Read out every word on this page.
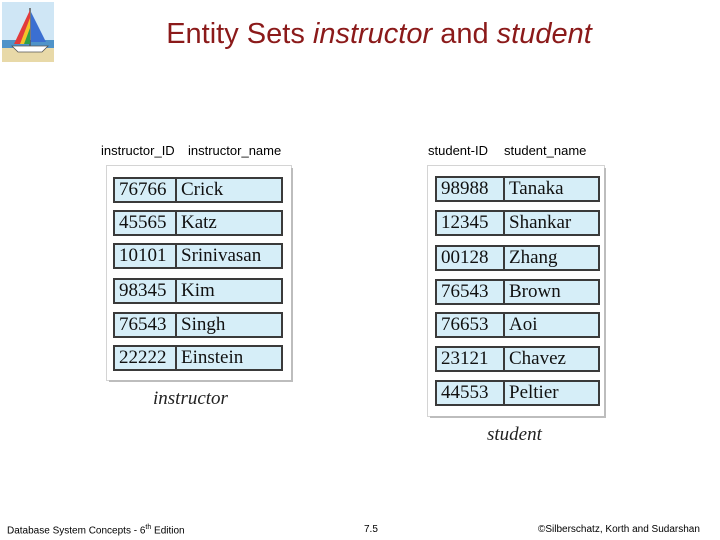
Entity Sets instructor and student
instructor_ID instructor_name
76766 Crick
45565 Katz
10101 Srinivasan
98345 Kim
76543 Singh
22222 Einstein
instructor
student-ID student_name
98988	Tanaka
12345	Shankar
00128	Zhang
76543	Brown
76653	Aoi
23121	Chavez
44553	Peltier
student
Database System Concepts - 6th Edition	7.5	©Silberschatz, Korth and Sudarshan
